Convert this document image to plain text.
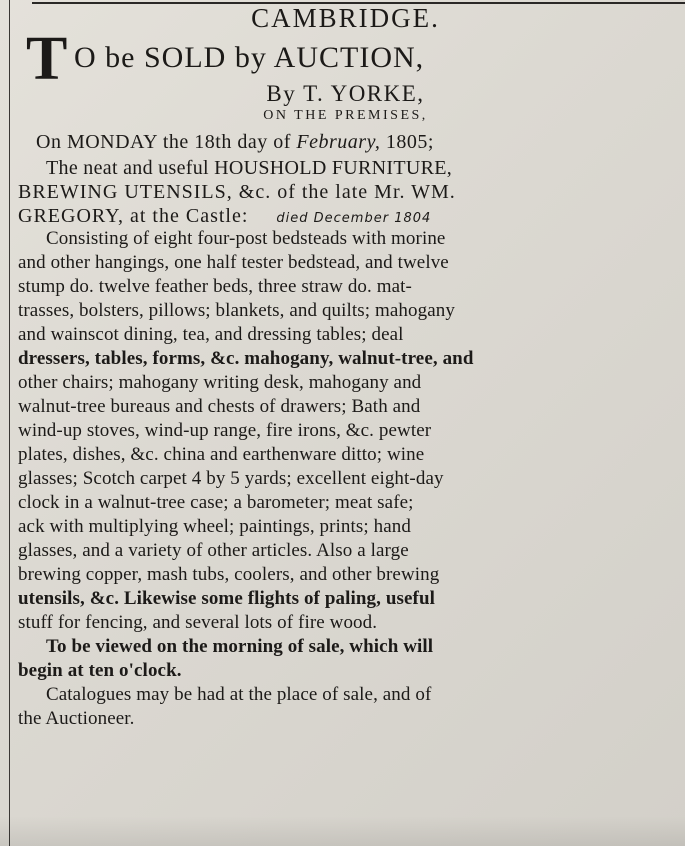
CAMBRIDGE.
T O be SOLD by AUCTION,
By T. YORKE,
ON THE PREMISES,
On MONDAY the 18th day of February, 1805;
The neat and useful HOUSHOLD FURNITURE,
BREWING UTENSILS, &c. of the late Mr. WM.
GREGORY, at the Castle: died December 1804
Consisting of eight four-post bedsteads with morine
and other hangings, one half tester bedstead, and twelve
stump do. twelve feather beds, three straw do. mat-
trasses, bolsters, pillows; blankets, and quilts; mahogany
and wainscot dining, tea, and dressing tables; deal
dressers, tables, forms, &c. mahogany, walnut-tree, and
other chairs; mahogany writing desk, mahogany and
walnut-tree bureaus and chests of drawers; Bath and
wind-up stoves, wind-up range, fire irons, &c. pewter
plates, dishes, &c. china and earthenware ditto; wine
glasses; Scotch carpet 4 by 5 yards; excellent eight-day
clock in a walnut-tree case; a barometer; meat safe;
ack with multiplying wheel; paintings, prints; hand
glasses, and a variety of other articles. Also a large
brewing copper, mash tubs, coolers, and other brewing
utensils, &c. Likewise some flights of paling, useful
stuff for fencing, and several lots of fire wood.
To be viewed on the morning of sale, which will
begin at ten o'clock.
Catalogues may be had at the place of sale, and of
the Auctioneer.
